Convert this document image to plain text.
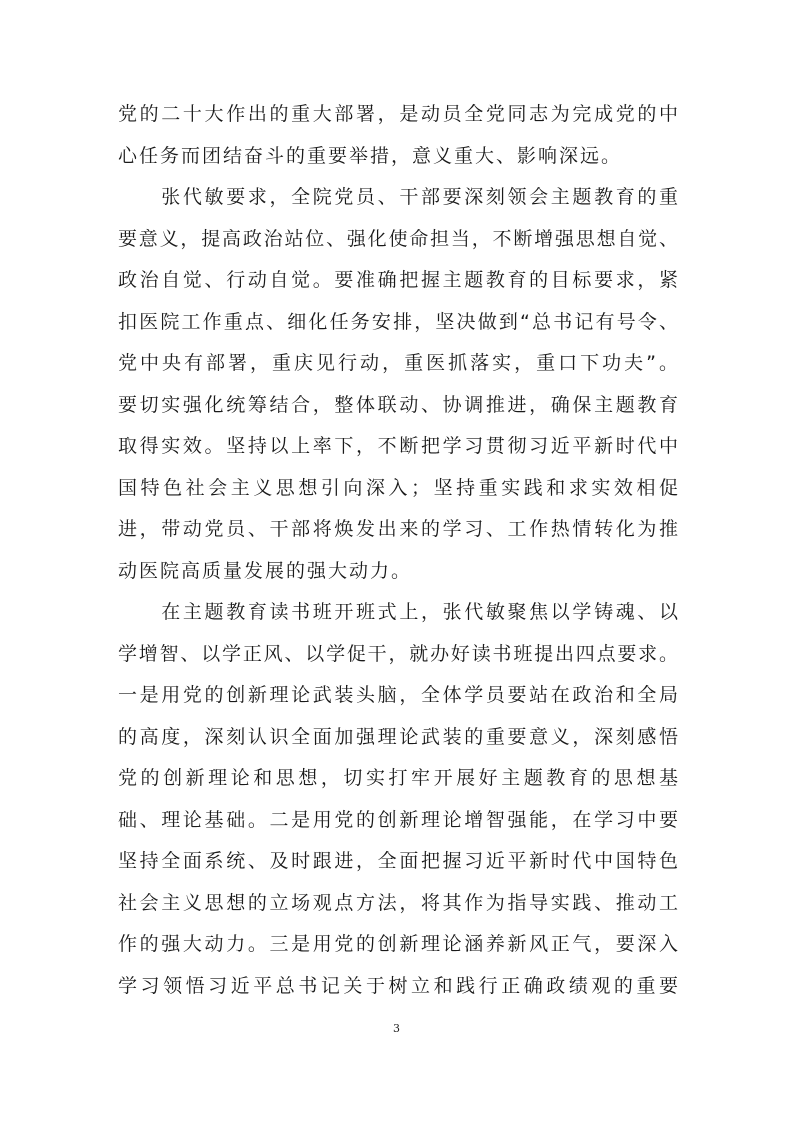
党的二十大作出的重大部署，是动员全党同志为完成党的中
心任务而团结奋斗的重要举措，意义重大、影响深远。
　　张代敏要求，全院党员、干部要深刻领会主题教育的重
要意义，提高政治站位、强化使命担当，不断增强思想自觉、
政治自觉、行动自觉。要准确把握主题教育的目标要求，紧
扣医院工作重点、细化任务安排，坚决做到“总书记有号令、
党中央有部署，重庆见行动，重医抓落实，重口下功夫”。
要切实强化统筹结合，整体联动、协调推进，确保主题教育
取得实效。坚持以上率下，不断把学习贯彻习近平新时代中
国特色社会主义思想引向深入；坚持重实践和求实效相促
进，带动党员、干部将焕发出来的学习、工作热情转化为推
动医院高质量发展的强大动力。
　　在主题教育读书班开班式上，张代敏聚焦以学铸魂、以
学增智、以学正风、以学促干，就办好读书班提出四点要求。
一是用党的创新理论武装头脑，全体学员要站在政治和全局
的高度，深刻认识全面加强理论武装的重要意义，深刻感悟
党的创新理论和思想，切实打牢开展好主题教育的思想基
础、理论基础。二是用党的创新理论增智强能，在学习中要
坚持全面系统、及时跟进，全面把握习近平新时代中国特色
社会主义思想的立场观点方法，将其作为指导实践、推动工
作的强大动力。三是用党的创新理论涵养新风正气，要深入
学习领悟习近平总书记关于树立和践行正确政绩观的重要
3
